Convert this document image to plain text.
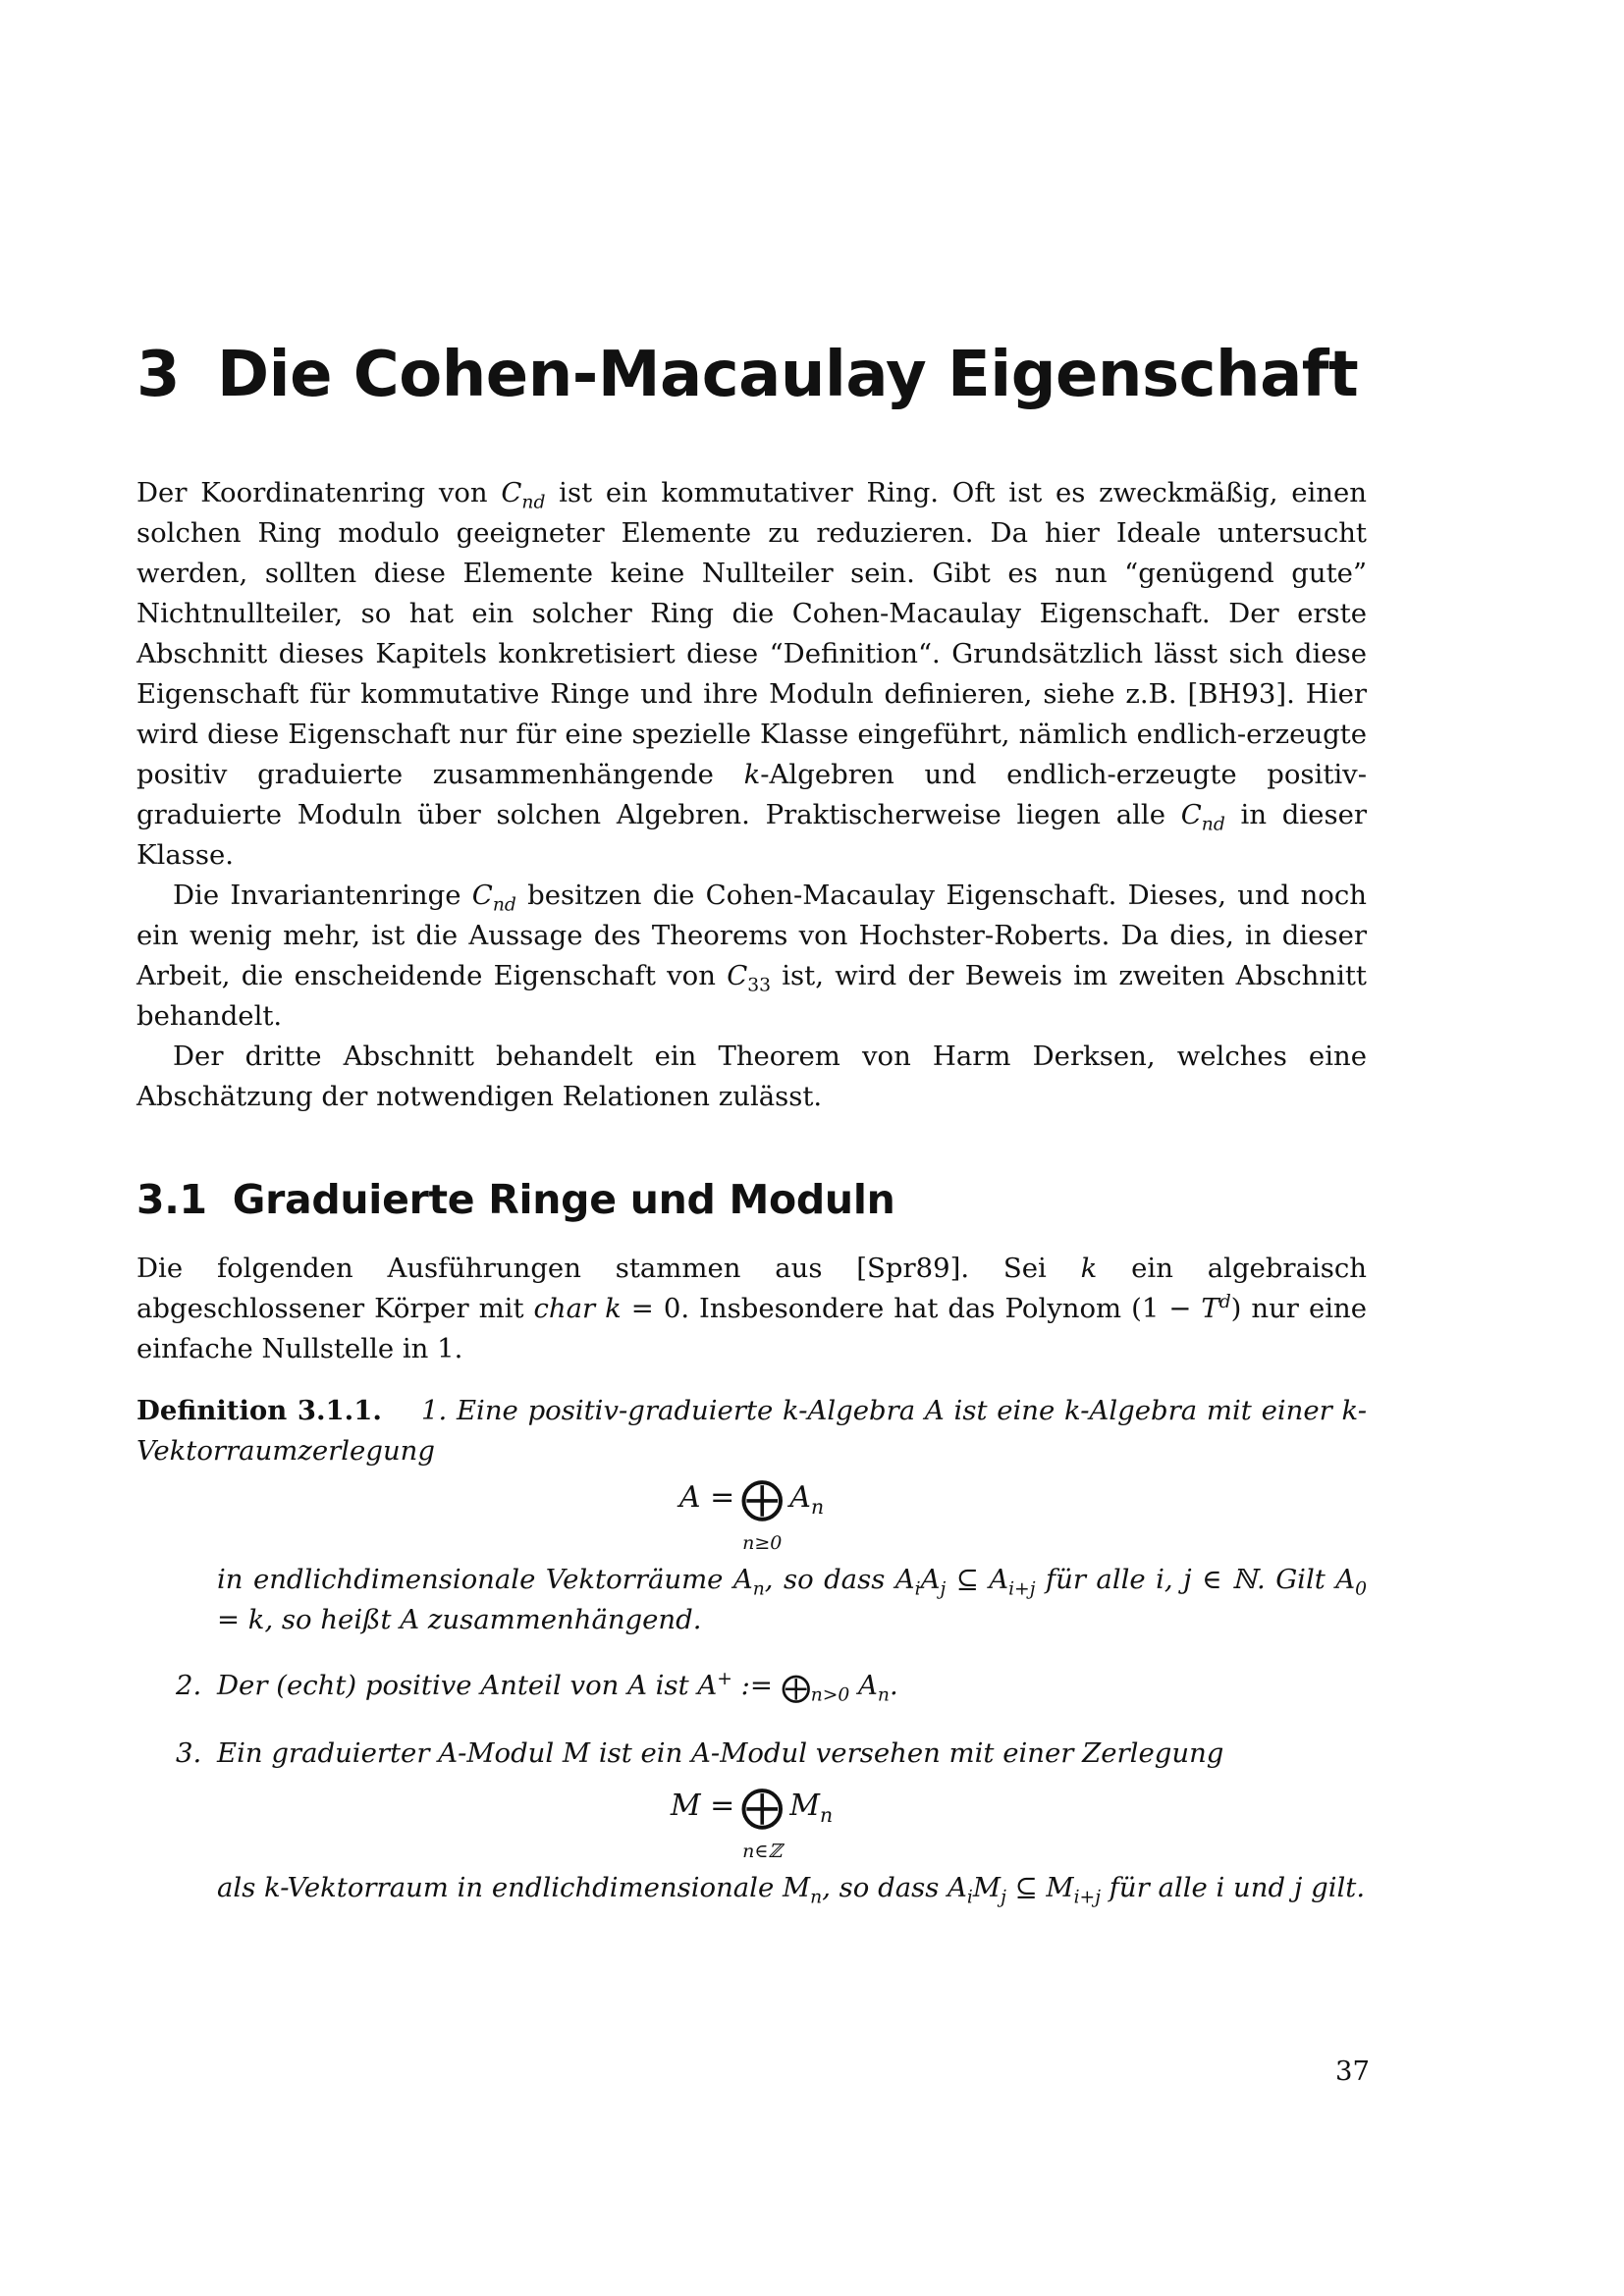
3 Die Cohen-Macaulay Eigenschaft

Der Koordinatenring von $C_{nd}$ ist ein kommutativer Ring. Oft ist es zweckmäßig, einen solchen Ring modulo geeigneter Elemente zu reduzieren. Da hier Ideale untersucht werden, sollten diese Elemente keine Nullteiler sein. Gibt es nun “genügend gute” Nichtnullteiler, so hat ein solcher Ring die Cohen-Macaulay Eigenschaft. Der erste Abschnitt dieses Kapitels konkretisiert diese “Definition“. Grundsätzlich lässt sich diese Eigenschaft für kommutative Ringe und ihre Moduln definieren, siehe z.B. [BH93]. Hier wird diese Eigenschaft nur für eine spezielle Klasse eingeführt, nämlich endlich-erzeugte positiv graduierte zusammenhängende k-Algebren und endlich-erzeugte positiv-graduierte Moduln über solchen Algebren. Praktischerweise liegen alle $C_{nd}$ in dieser Klasse.

Die Invariantenringe $C_{nd}$ besitzen die Cohen-Macaulay Eigenschaft. Dieses, und noch ein wenig mehr, ist die Aussage des Theorems von Hochster-Roberts. Da dies, in dieser Arbeit, die enscheidende Eigenschaft von $C_{33}$ ist, wird der Beweis im zweiten Abschnitt behandelt.

Der dritte Abschnitt behandelt ein Theorem von Harm Derksen, welches eine Abschätzung der notwendigen Relationen zulässt.

3.1 Graduierte Ringe und Moduln

Die folgenden Ausführungen stammen aus [Spr89]. Sei k ein algebraisch abgeschlossener Körper mit char k = 0. Insbesondere hat das Polynom $(1 - T^d)$ nur eine einfache Nullstelle in 1.

Definition 3.1.1. 1. Eine positiv-graduierte k-Algebra A ist eine k-Algebra mit einer k-Vektorraumzerlegung
A = ⨁
n≥0
$A_n$
in endlichdimensionale Vektorräume $A_n$, so dass $A_iA_j$ ⊆ $A_{i+j}$ für alle i, j ∈ ℕ. Gilt $A_0 = k$, so heißt A zusammenhängend.
2. Der (echt) positive Anteil von A ist A+ := $⨁_{n>0}$ $A_n$.
3. Ein graduierter A-Modul M ist ein A-Modul versehen mit einer Zerlegung
M = ⨁
n∈ℤ
$M_n$
als k-Vektorraum in endlichdimensionale $M_n$, so dass $A_iM_j$ ⊆ $M_{i+j}$ für alle i und j gilt.
37
